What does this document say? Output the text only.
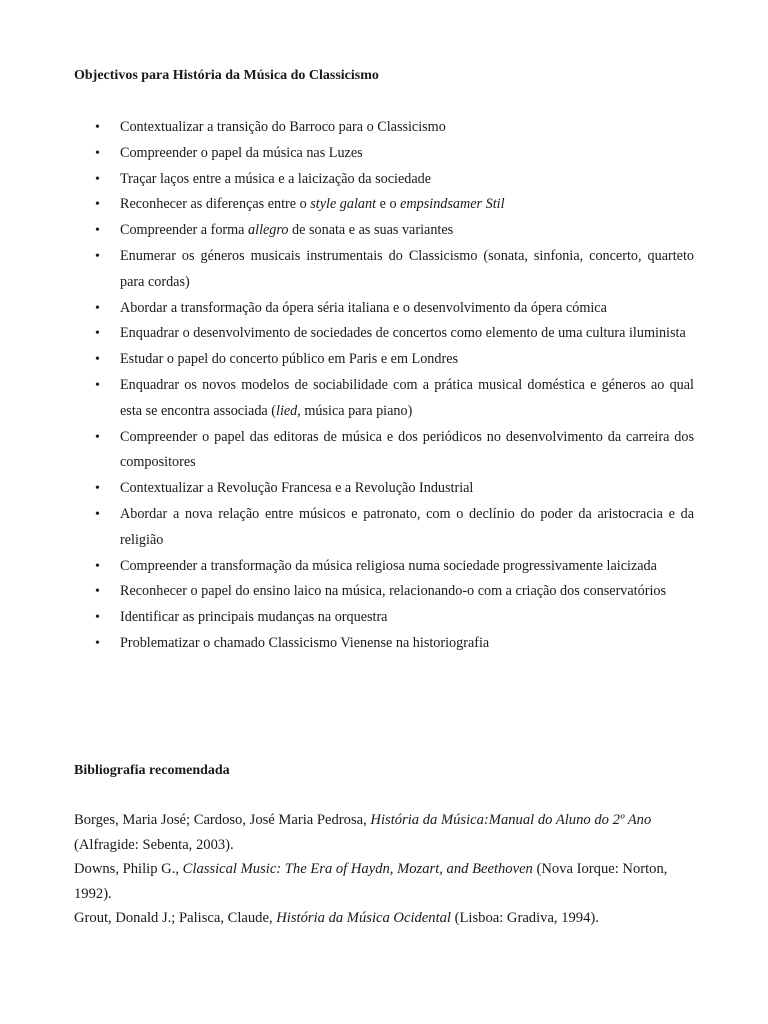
Objectivos para História da Música do Classicismo
• Contextualizar a transição do Barroco para o Classicismo
• Compreender o papel da música nas Luzes
• Traçar laços entre a música e a laicização da sociedade
• Reconhecer as diferenças entre o style galant e o empsindsamer Stil
• Compreender a forma allegro de sonata e as suas variantes
• Enumerar os géneros musicais instrumentais do Classicismo (sonata, sinfonia, concerto, quarteto para cordas)
• Abordar a transformação da ópera séria italiana e o desenvolvimento da ópera cómica
• Enquadrar o desenvolvimento de sociedades de concertos como elemento de uma cultura iluminista
• Estudar o papel do concerto público em Paris e em Londres
• Enquadrar os novos modelos de sociabilidade com a prática musical doméstica e géneros ao qual esta se encontra associada (lied, música para piano)
• Compreender o papel das editoras de música e dos periódicos no desenvolvimento da carreira dos compositores
• Contextualizar a Revolução Francesa e a Revolução Industrial
• Abordar a nova relação entre músicos e patronato, com o declínio do poder da aristocracia e da religião
• Compreender a transformação da música religiosa numa sociedade progressivamente laicizada
• Reconhecer o papel do ensino laico na música, relacionando-o com a criação dos conservatórios
• Identificar as principais mudanças na orquestra
• Problematizar o chamado Classicismo Vienense na historiografia
Bibliografia recomendada

Borges, Maria José; Cardoso, José Maria Pedrosa, História da Música:Manual do Aluno do 2º Ano (Alfragide: Sebenta, 2003).

Downs, Philip G., Classical Music: The Era of Haydn, Mozart, and Beethoven (Nova Iorque: Norton, 1992).

Grout, Donald J.; Palisca, Claude, História da Música Ocidental (Lisboa: Gradiva, 1994).
